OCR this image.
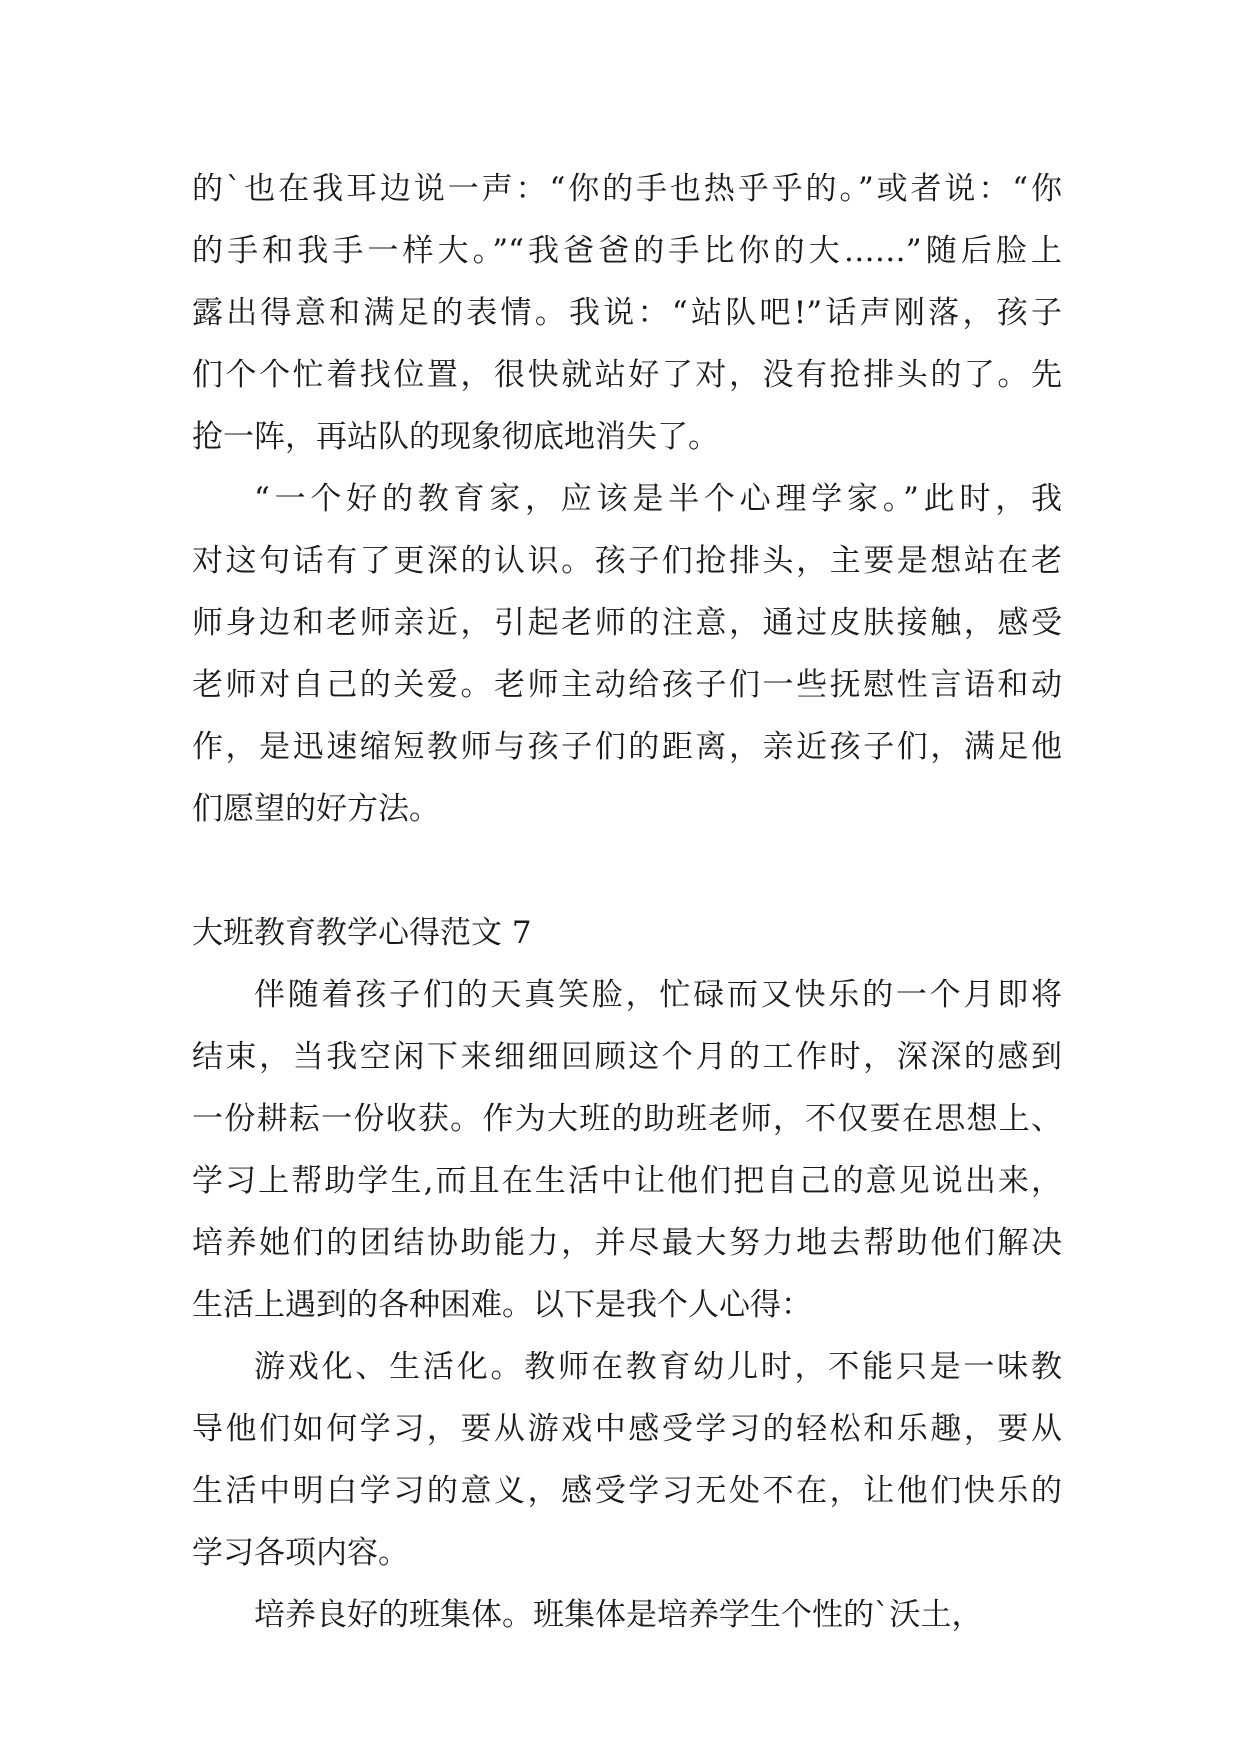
的`也在我耳边说一声：“你的手也热乎乎的。”或者说：“你
的手和我手一样大。”“我爸爸的手比你的大……”随后脸上
露出得意和满足的表情。我说：“站队吧!”话声刚落，孩子
们个个忙着找位置，很快就站好了对，没有抢排头的了。先
抢一阵，再站队的现象彻底地消失了。
“一个好的教育家，应该是半个心理学家。”此时，我
对这句话有了更深的认识。孩子们抢排头，主要是想站在老
师身边和老师亲近，引起老师的注意，通过皮肤接触，感受
老师对自己的关爱。老师主动给孩子们一些抚慰性言语和动
作，是迅速缩短教师与孩子们的距离，亲近孩子们，满足他
们愿望的好方法。
大班教育教学心得范文 7
伴随着孩子们的天真笑脸，忙碌而又快乐的一个月即将
结束，当我空闲下来细细回顾这个月的工作时，深深的感到
一份耕耘一份收获。作为大班的助班老师，不仅要在思想上、
学习上帮助学生,而且在生活中让他们把自己的意见说出来，
培养她们的团结协助能力，并尽最大努力地去帮助他们解决
生活上遇到的各种困难。以下是我个人心得：
游戏化、生活化。教师在教育幼儿时，不能只是一味教
导他们如何学习，要从游戏中感受学习的轻松和乐趣，要从
生活中明白学习的意义，感受学习无处不在，让他们快乐的
学习各项内容。
培养良好的班集体。班集体是培养学生个性的`沃土，
